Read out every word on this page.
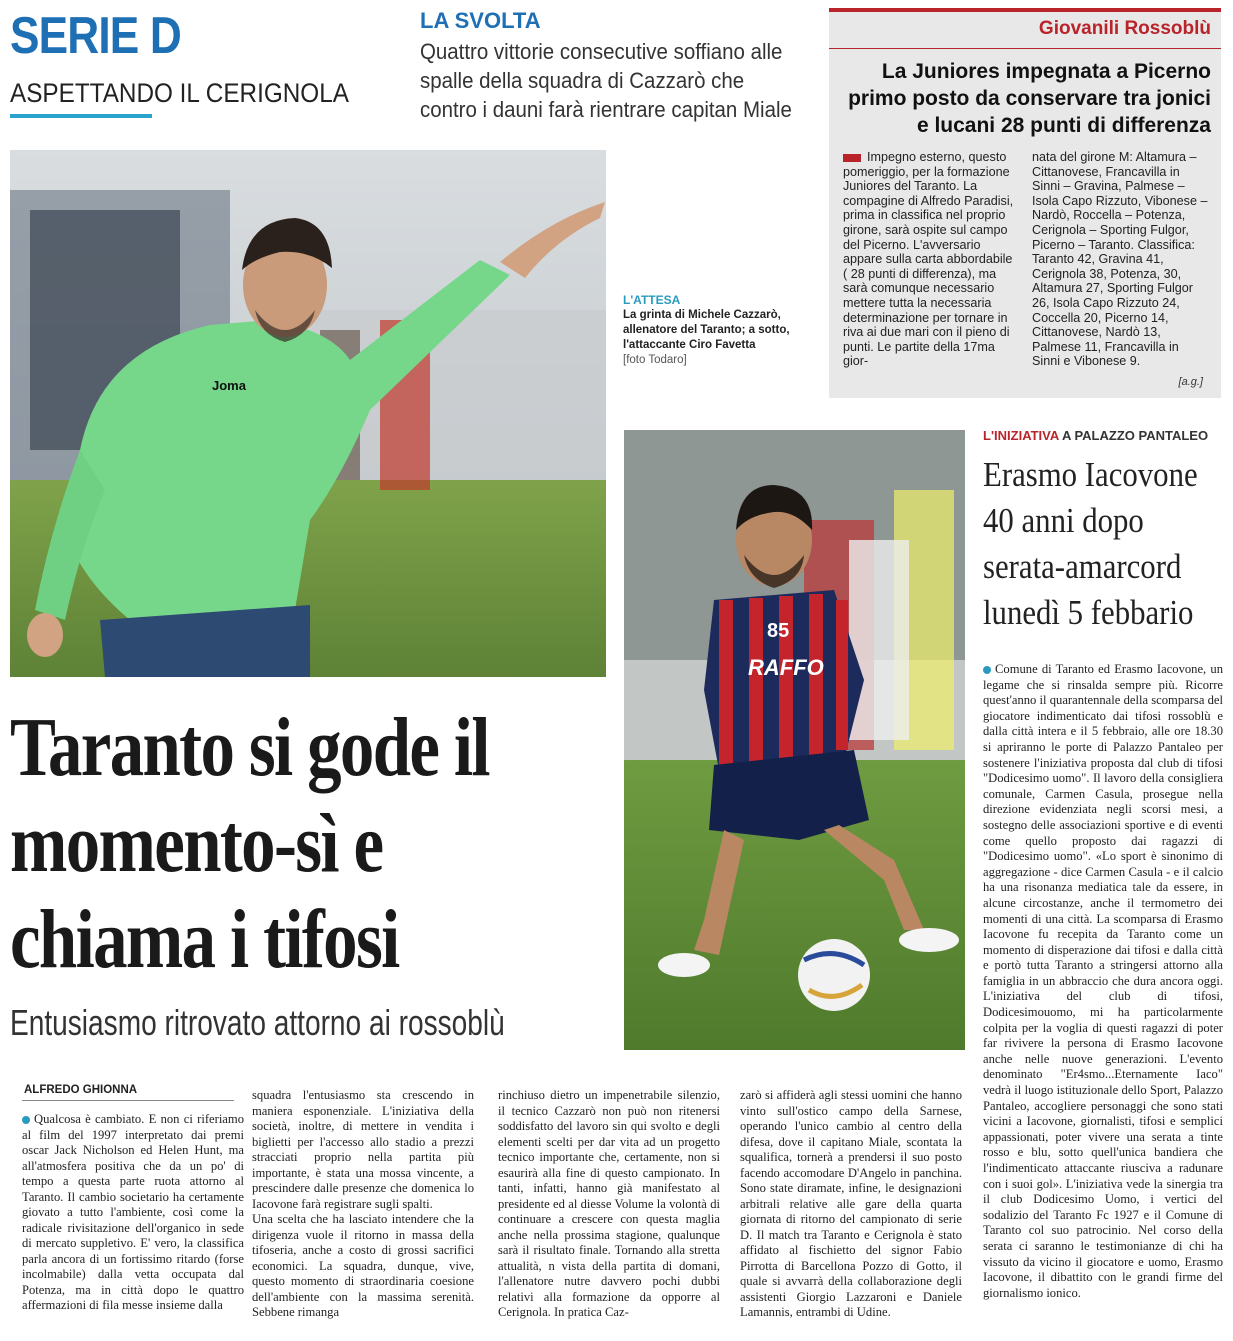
SERIE D
ASPETTANDO IL CERIGNOLA
LA SVOLTA
Quattro vittorie consecutive soffiano alle spalle della squadra di Cazzarò che contro i dauni farà rientrare capitan Miale
Giovanili Rossoblù
La Juniores impegnata a Picerno primo posto da conservare tra jonici e lucani 28 punti di differenza

Impegno esterno, questo pomeriggio, per la formazione Juniores del Taranto. La compagine di Alfredo Paradisi, prima in classifica nel proprio girone, sarà ospite sul campo del Picerno. L'avversario appare sulla carta abbordabile ( 28 punti di differenza), ma sarà comunque necessario mettere tutta la necessaria determinazione per tornare in riva ai due mari con il pieno di punti. Le partite della 17ma gior-

nata del girone M: Altamura – Cittanovese, Francavilla in Sinni – Gravina, Palmese – Isola Capo Rizzuto, Vibonese – Nardò, Roccella – Potenza, Cerignola – Sporting Fulgor, Picerno – Taranto. Classifica: Taranto 42, Gravina 41, Cerignola 38, Potenza, 30, Altamura 27, Sporting Fulgor 26, Isola Capo Rizzuto 24, Coccella 20, Picerno 14, Cittanovese, Nardò 13, Palmese 11, Francavilla in Sinni e Vibonese 9.

[a.g.]
Joma
L'ATTESA
La grinta di Michele Cazzarò, allenatore del Taranto; a sotto, l'attaccante Ciro Favetta
[foto Todaro]
85
RAFFO
L'INIZIATIVA A PALAZZO PANTALEO
Erasmo Iacovone 40 anni dopo serata-amarcord lunedì 5 febbario
Comune di Taranto ed Erasmo Iacovone, un legame che si rinsalda sempre più. Ricorre quest'anno il quarantennale della scomparsa del giocatore indimenticato dai tifosi rossoblù e dalla città intera e il 5 febbraio, alle ore 18.30 si apriranno le porte di Palazzo Pantaleo per sostenere l'iniziativa proposta dal club di tifosi "Dodicesimo uomo". Il lavoro della consigliera comunale, Carmen Casula, prosegue nella direzione evidenziata negli scorsi mesi, a sostegno delle associazioni sportive e di eventi come quello proposto dai ragazzi di "Dodicesimo uomo". «Lo sport è sinonimo di aggregazione - dice Carmen Casula - e il calcio ha una risonanza mediatica tale da essere, in alcune circostanze, anche il termometro dei momenti di una città. La scomparsa di Erasmo Iacovone fu recepita da Taranto come un momento di disperazione dai tifosi e dalla città e portò tutta Taranto a stringersi attorno alla famiglia in un abbraccio che dura ancora oggi. L'iniziativa del club di tifosi, Dodicesimouomo, mi ha particolarmente colpita per la voglia di questi ragazzi di poter far rivivere la persona di Erasmo Iacovone anche nelle nuove generazioni. L'evento denominato "Er4smo...Eternamente Iaco" vedrà il luogo istituzionale dello Sport, Palazzo Pantaleo, accogliere personaggi che sono stati vicini a Iacovone, giornalisti, tifosi e semplici appassionati, poter vivere una serata a tinte rosso e blu, sotto quell'unica bandiera che l'indimenticato attaccante riusciva a radunare con i suoi gol». L'iniziativa vede la sinergia tra il club Dodicesimo Uomo, i vertici del sodalizio del Taranto Fc 1927 e il Comune di Taranto col suo patrocinio. Nel corso della serata ci saranno le testimonianze di chi ha vissuto da vicino il giocatore e uomo, Erasmo Iacovone, il dibattito con le grandi firme del giornalismo ionico.
Taranto si gode il momento-sì e chiama i tifosi
Entusiasmo ritrovato attorno ai rossoblù
ALFREDO GHIONNA
Qualcosa è cambiato. E non ci riferiamo al film del 1997 interpretato dai premi oscar Jack Nicholson ed Helen Hunt, ma all'atmosfera positiva che da un po' di tempo a questa parte ruota attorno al Taranto. Il cambio societario ha certamente giovato a tutto l'ambiente, così come la radicale rivisitazione dell'organico in sede di mercato suppletivo. E' vero, la classifica parla ancora di un fortissimo ritardo (forse incolmabile) dalla vetta occupata dal Potenza, ma in città dopo le quattro affermazioni di fila messe insieme dalla

squadra l'entusiasmo sta crescendo in maniera esponenziale. L'iniziativa della società, inoltre, di mettere in vendita i biglietti per l'accesso allo stadio a prezzi stracciati proprio nella partita più importante, è stata una mossa vincente, a prescindere dalle presenze che domenica lo Iacovone farà registrare sugli spalti.

Una scelta che ha lasciato intendere che la dirigenza vuole il ritorno in massa della tifoseria, anche a costo di grossi sacrifici economici. La squadra, dunque, vive, questo momento di straordinaria coesione dell'ambiente con la massima serenità. Sebbene rimanga

rinchiuso dietro un impenetrabile silenzio, il tecnico Cazzarò non può non ritenersi soddisfatto del lavoro sin qui svolto e degli elementi scelti per dar vita ad un progetto tecnico importante che, certamente, non si esaurirà alla fine di questo campionato. In tanti, infatti, hanno già manifestato al presidente ed al diesse Volume la volontà di continuare a crescere con questa maglia anche nella prossima stagione, qualunque sarà il risultato finale. Tornando alla stretta attualità, n vista della partita di domani, l'allenatore nutre davvero pochi dubbi relativi alla formazione da opporre al Cerignola. In pratica Caz-
zarò si affiderà agli stessi uomini che hanno vinto sull'ostico campo della Sarnese, operando l'unico cambio al centro della difesa, dove il capitano Miale, scontata la squalifica, tornerà a prendersi il suo posto facendo accomodare D'Angelo in panchina. Sono state diramate, infine, le designazioni arbitrali relative alle gare della quarta giornata di ritorno del campionato di serie D. Il match tra Taranto e Cerignola è stato affidato al fischietto del signor Fabio Pirrotta di Barcellona Pozzo di Gotto, il quale si avvarrà della collaborazione degli assistenti Giorgio Lazzaroni e Daniele Lamannis, entrambi di Udine.
